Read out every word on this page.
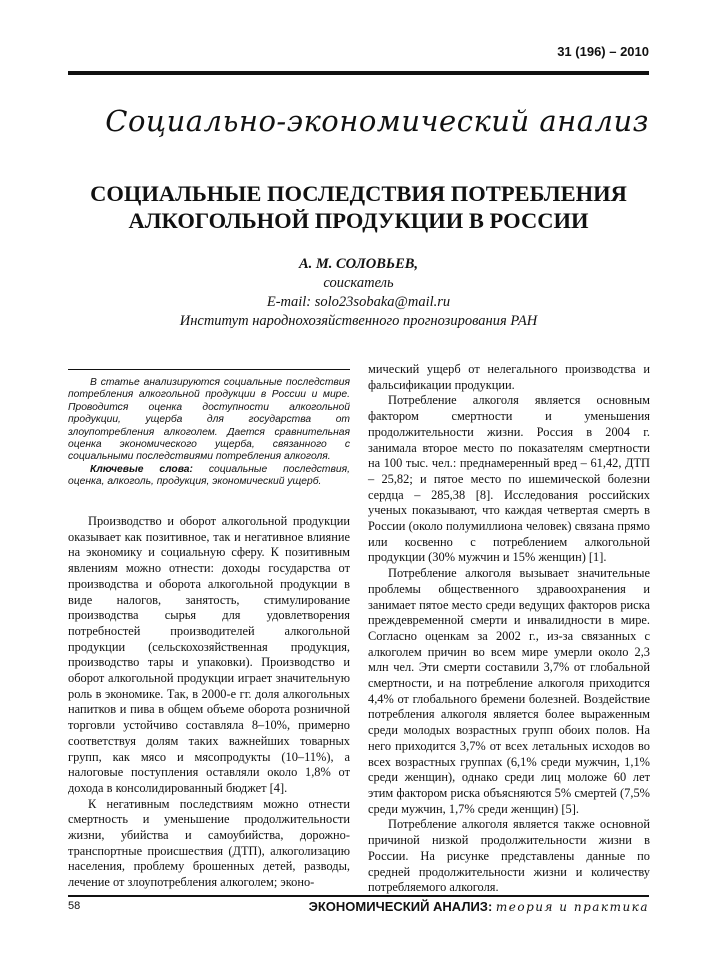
31 (196) – 2010
Социально-экономический анализ
СОЦИАЛЬНЫЕ ПОСЛЕДСТВИЯ ПОТРЕБЛЕНИЯ
АЛКОГОЛЬНОЙ ПРОДУКЦИИ В РОССИИ
А. М. СОЛОВЬЕВ,
соискатель
E-mail: solo23sobaka@mail.ru
Институт народнохозяйственного прогнозирования РАН

В статье анализируются социальные последствия потребления алкогольной продукции в России и мире. Проводится оценка доступности алкогольной продукции, ущерба для государства от злоупотребления алкоголем. Дается сравнительная оценка экономического ущерба, связанного с социальными последствиями потребления алкоголя.

Ключевые слова: социальные последствия, оценка, алкоголь, продукция, экономический ущерб.

Производство и оборот алкогольной продукции оказывает как позитивное, так и негативное влияние на экономику и социальную сферу. К позитивным явлениям можно отнести: доходы государства от производства и оборота алкогольной продукции в виде налогов, занятость, стимулирование производства сырья для удовлетворения потребностей производителей алкогольной продукции (сельскохозяйственная продукция, производство тары и упаковки). Производство и оборот алкогольной продукции играет значительную роль в экономике. Так, в 2000-е гг. доля алкогольных напитков и пива в общем объеме оборота розничной торговли устойчиво составляла 8–10%, примерно соответствуя долям таких важнейших товарных групп, как мясо и мясопродукты (10–11%), а налоговые поступления оставляли около 1,8% от дохода в консолидированный бюджет [4].

К негативным последствиям можно отнести смертность и уменьшение продолжительности жизни, убийства и самоубийства, дорожно-транспортные происшествия (ДТП), алкоголизацию населения, проблему брошенных детей, разводы, лечение от злоупотребления алкоголем; эконо-

мический ущерб от нелегального производства и фальсификации продукции.

Потребление алкоголя является основным фактором смертности и уменьшения продолжительности жизни. Россия в 2004 г. занимала второе место по показателям смертности на 100 тыс. чел.: преднамеренный вред – 61,42, ДТП – 25,82; и пятое место по ишемической болезни сердца – 285,38 [8]. Исследования российских ученых показывают, что каждая четвертая смерть в России (около полумиллиона человек) связана прямо или косвенно с потреблением алкогольной продукции (30% мужчин и 15% женщин) [1].

Потребление алкоголя вызывает значительные проблемы общественного здравоохранения и занимает пятое место среди ведущих факторов риска преждевременной смерти и инвалидности в мире. Согласно оценкам за 2002 г., из-за связанных с алкоголем причин во всем мире умерли около 2,3 млн чел. Эти смерти составили 3,7% от глобальной смертности, и на потребление алкоголя приходится 4,4% от глобального бремени болезней. Воздействие потребления алкоголя является более выраженным среди молодых возрастных групп обоих полов. На него приходится 3,7% от всех летальных исходов во всех возрастных группах (6,1% среди мужчин, 1,1% среди женщин), однако среди лиц моложе 60 лет этим фактором риска объясняются 5% смертей (7,5% среди мужчин, 1,7% среди женщин) [5].

Потребление алкоголя является также основной причиной низкой продолжительности жизни в России. На рисунке представлены данные по средней продолжительности жизни и количеству потребляемого алкоголя.

58	ЭКОНОМИЧЕСКИЙ АНАЛИЗ: теория и практика
